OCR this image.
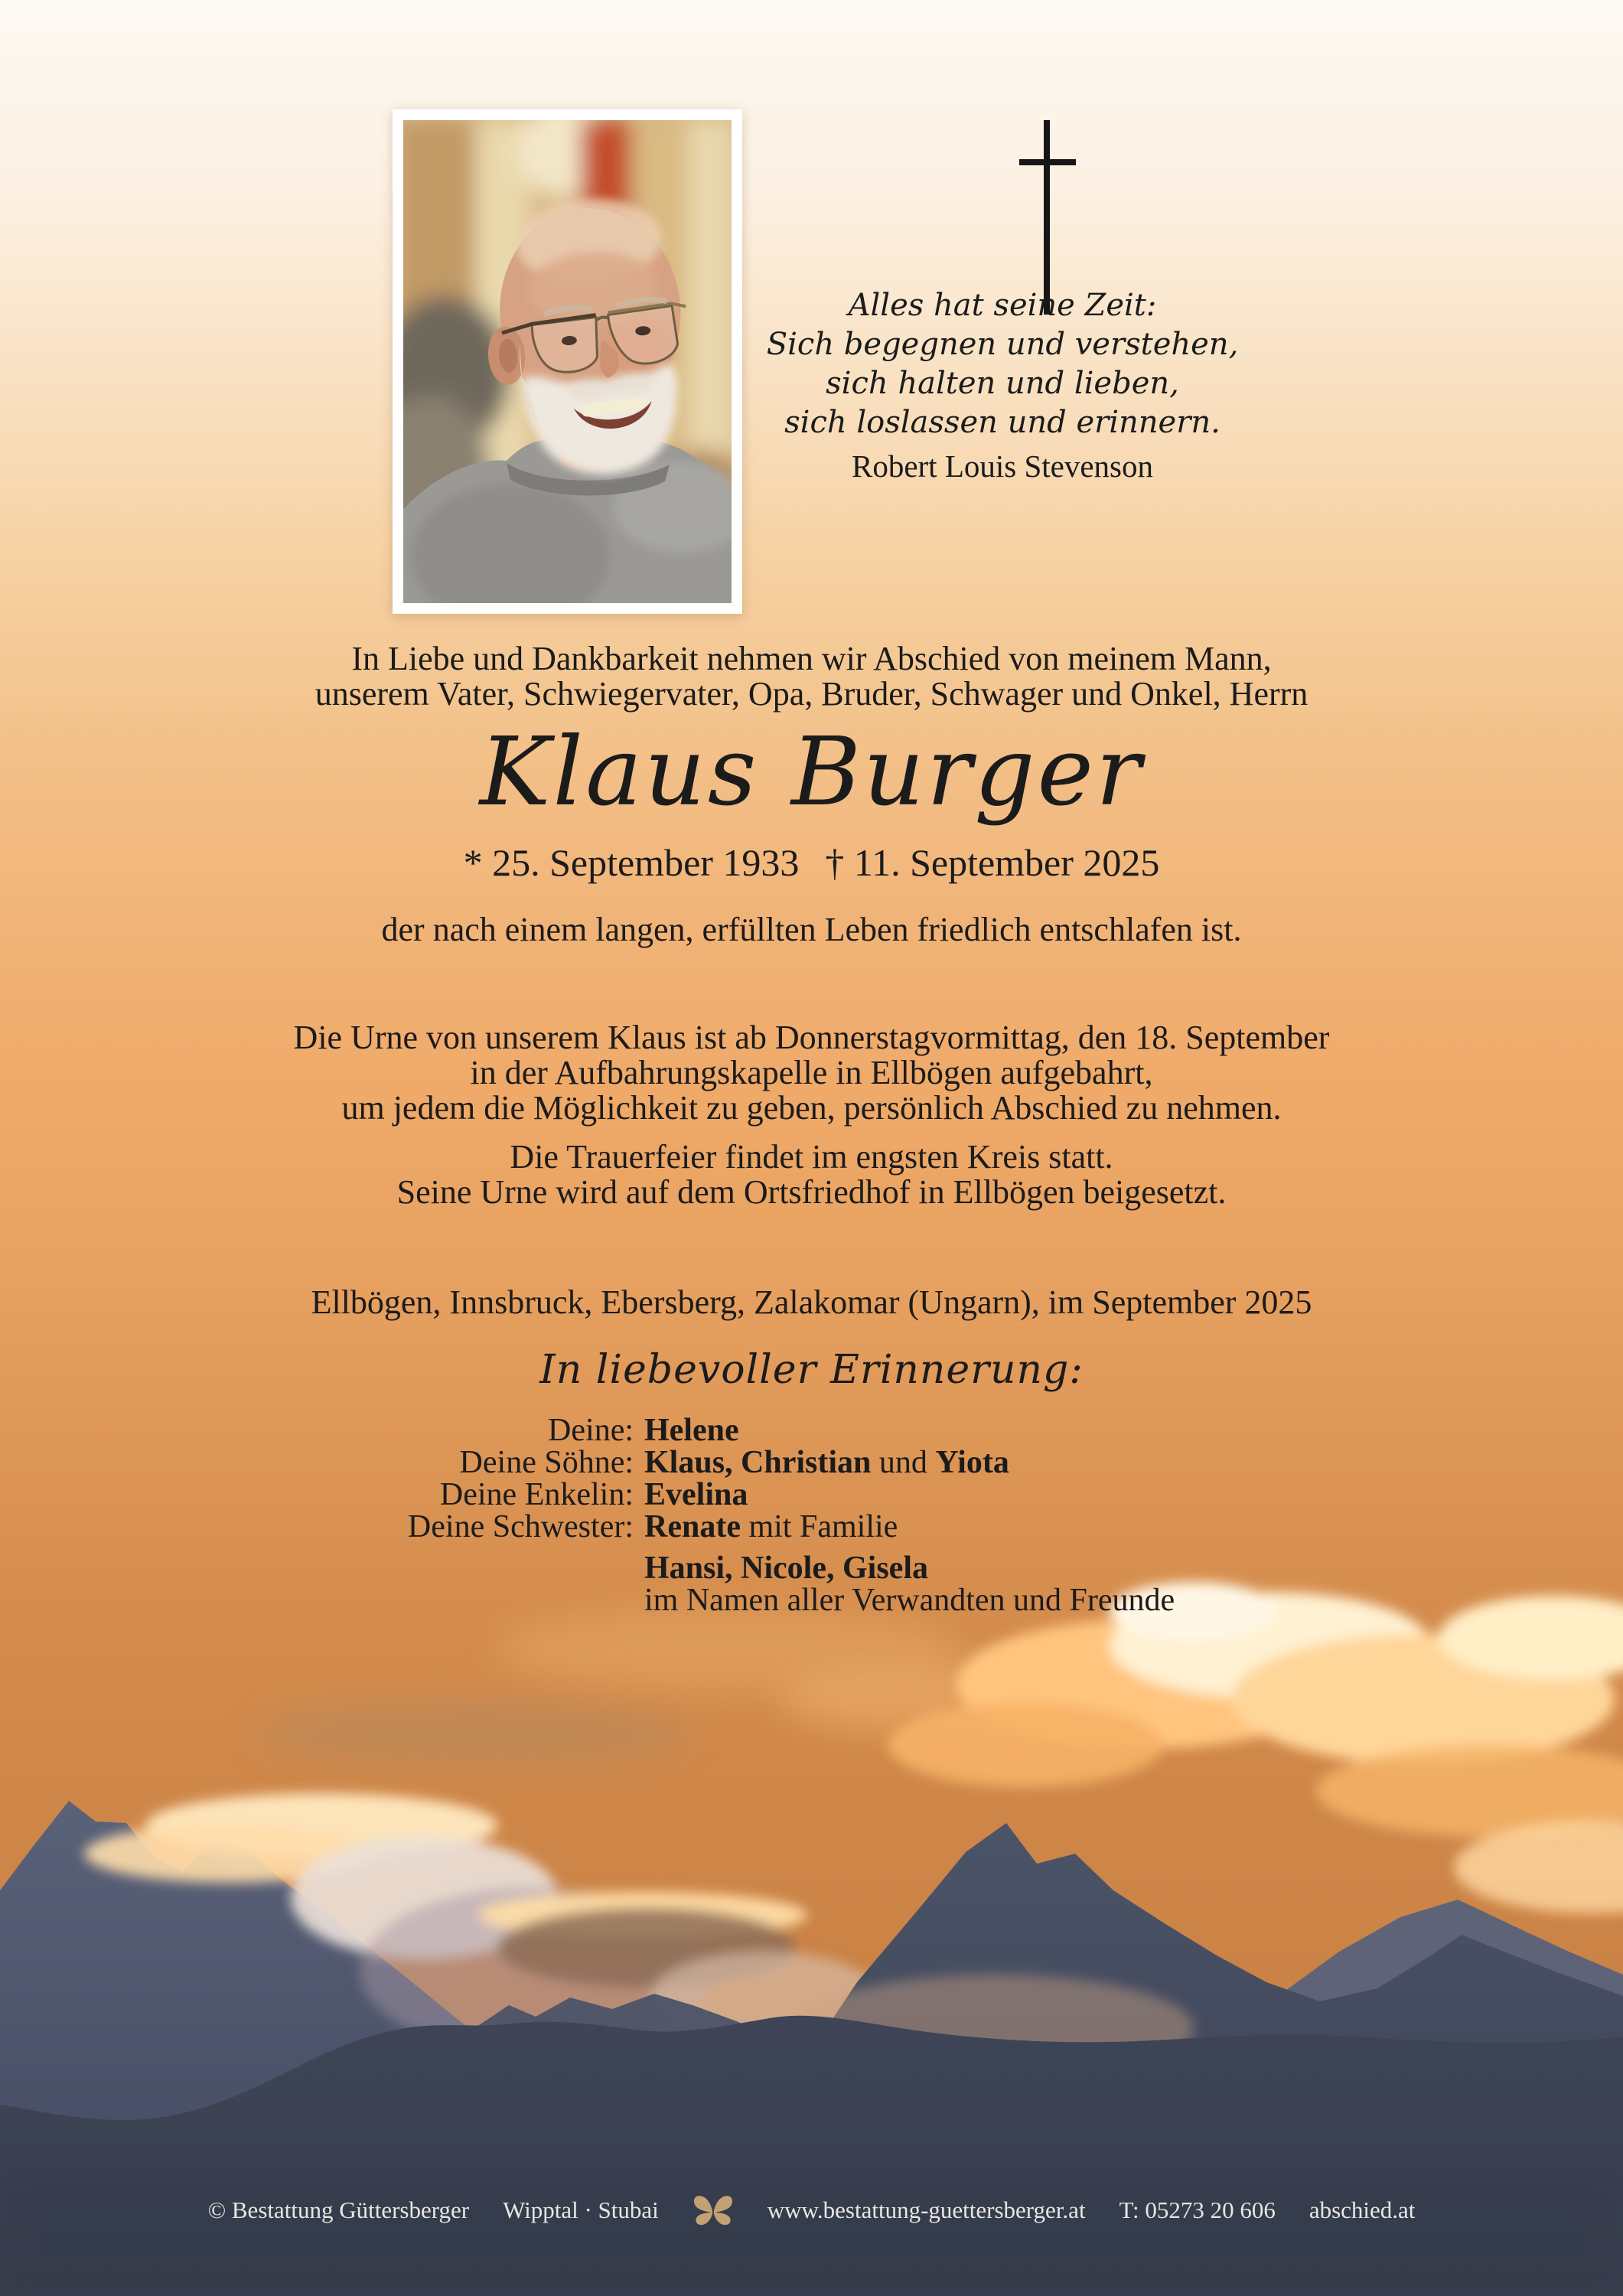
Alles hat seine Zeit:
Sich begegnen und verstehen,
sich halten und lieben,
sich loslassen und erinnern.
Robert Louis Stevenson
In Liebe und Dankbarkeit nehmen wir Abschied von meinem Mann,
unserem Vater, Schwiegervater, Opa, Bruder, Schwager und Onkel, Herrn
Klaus Burger
* 25. September 1933 † 11. September 2025
der nach einem langen, erfüllten Leben friedlich entschlafen ist.
Die Urne von unserem Klaus ist ab Donnerstagvormittag, den 18. September
in der Aufbahrungskapelle in Ellbögen aufgebahrt,
um jedem die Möglichkeit zu geben, persönlich Abschied zu nehmen.
Die Trauerfeier findet im engsten Kreis statt.
Seine Urne wird auf dem Ortsfriedhof in Ellbögen beigesetzt.
Ellbögen, Innsbruck, Ebersberg, Zalakomar (Ungarn), im September 2025
In liebevoller Erinnerung:
Deine: Helene
Deine Söhne: Klaus, Christian und Yiota
Deine Enkelin: Evelina
Deine Schwester: Renate mit Familie
Hansi, Nicole, Gisela
im Namen aller Verwandten und Freunde
© Bestattung Güttersberger Wipptal · Stubai	www.bestattung-guettersberger.at T: 05273 20 606 abschied.at
